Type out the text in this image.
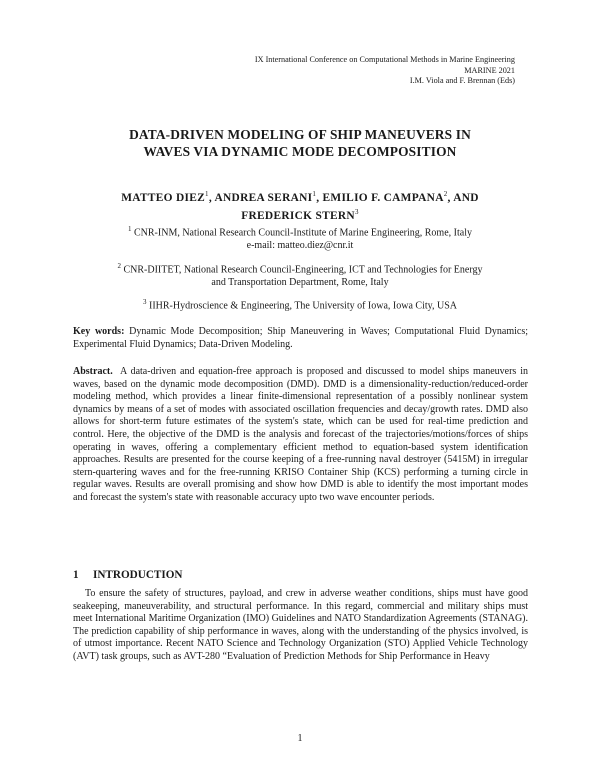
IX International Conference on Computational Methods in Marine Engineering
MARINE 2021
I.M. Viola and F. Brennan (Eds)
DATA-DRIVEN MODELING OF SHIP MANEUVERS IN
WAVES VIA DYNAMIC MODE DECOMPOSITION
MATTEO DIEZ$^1$, ANDREA SERANI$^1$, EMILIO F. CAMPANA$^2$, AND
FREDERICK STERN$^3$
$^1$ CNR-INM, National Research Council-Institute of Marine Engineering, Rome, Italy
e-mail: matteo.diez@cnr.it
$^2$ CNR-DIITET, National Research Council-Engineering, ICT and Technologies for Energy
and Transportation Department, Rome, Italy
$^3$ IIHR-Hydroscience & Engineering, The University of Iowa, Iowa City, USA

Key words: Dynamic Mode Decomposition; Ship Maneuvering in Waves; Computational Fluid Dynamics; Experimental Fluid Dynamics; Data-Driven Modeling.

Abstract. A data-driven and equation-free approach is proposed and discussed to model ships maneuvers in waves, based on the dynamic mode decomposition (DMD). DMD is a dimensionality-reduction/reduced-order modeling method, which provides a linear finite-dimensional representation of a possibly nonlinear system dynamics by means of a set of modes with associated oscillation frequencies and decay/growth rates. DMD also allows for short-term future estimates of the system's state, which can be used for real-time prediction and control. Here, the objective of the DMD is the analysis and forecast of the trajectories/motions/forces of ships operating in waves, offering a complementary efficient method to equation-based system identification approaches. Results are presented for the course keeping of a free-running naval destroyer (5415M) in irregular stern-quartering waves and for the free-running KRISO Container Ship (KCS) performing a turning circle in regular waves. Results are overall promising and show how DMD is able to identify the most important modes and forecast the system's state with reasonable accuracy upto two wave encounter periods.

1 INTRODUCTION
To ensure the safety of structures, payload, and crew in adverse weather conditions, ships must have good seakeeping, maneuverability, and structural performance. In this regard, commercial and military ships must meet International Maritime Organization (IMO) Guidelines and NATO Standardization Agreements (STANAG). The prediction capability of ship performance in waves, along with the understanding of the physics involved, is of utmost importance. Recent NATO Science and Technology Organization (STO) Applied Vehicle Technology (AVT) task groups, such as AVT-280 “Evaluation of Prediction Methods for Ship Performance in Heavy
1
